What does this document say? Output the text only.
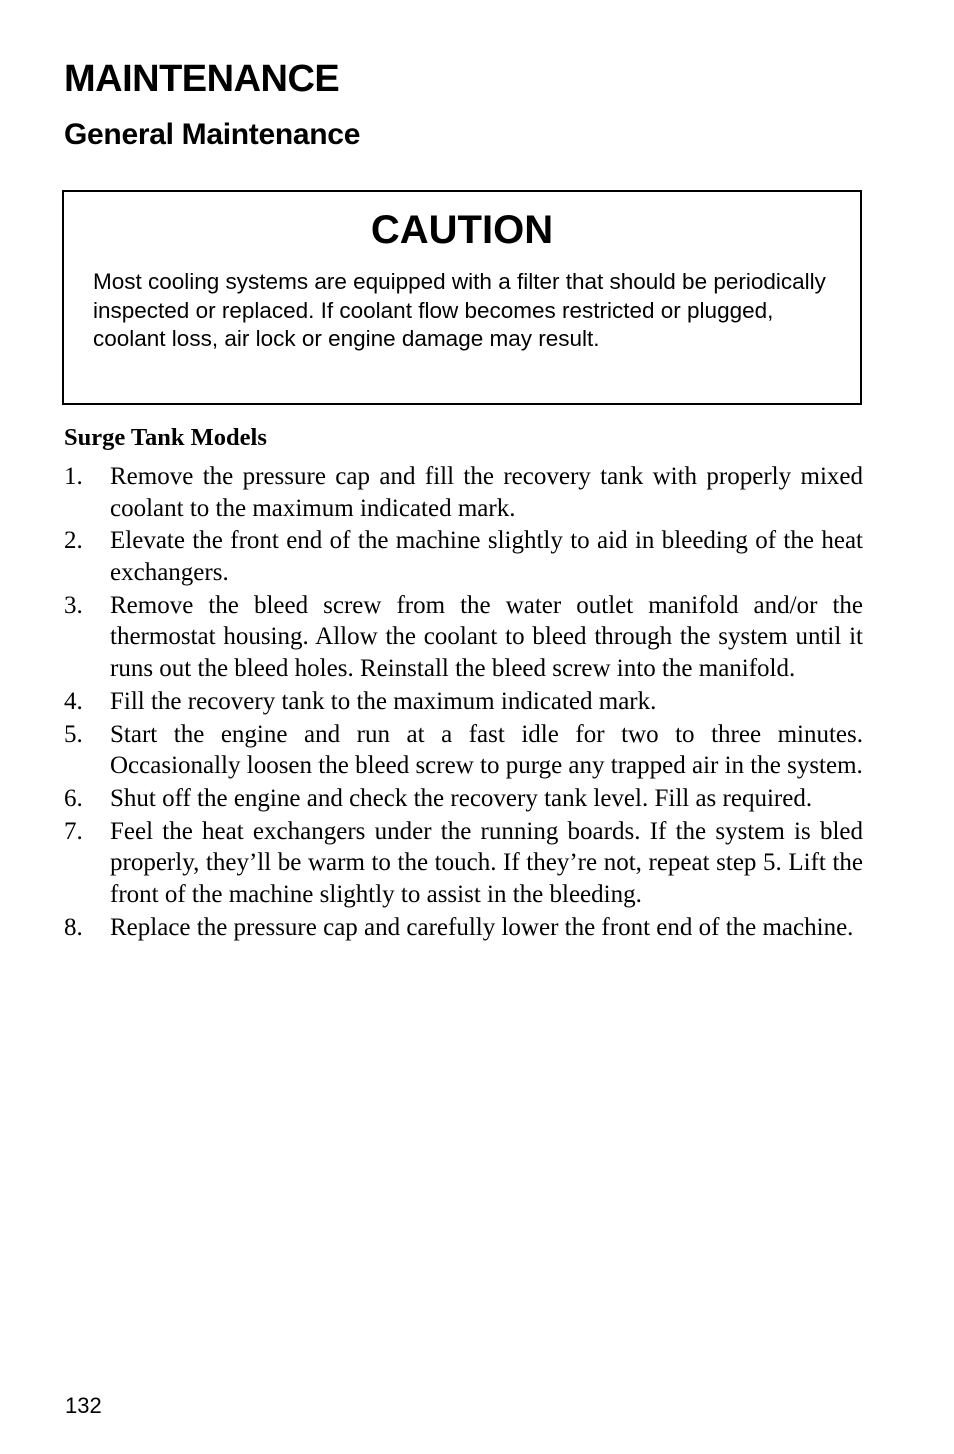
MAINTENANCE
General Maintenance
CAUTION

Most cooling systems are equipped with a filter that should be periodically inspected or replaced. If coolant flow becomes restricted or plugged, coolant loss, air lock or engine damage may result.

Surge Tank Models
1. Remove the pressure cap and fill the recovery tank with properly mixed coolant to the maximum indicated mark.
2. Elevate the front end of the machine slightly to aid in bleeding of the heat exchangers.
3. Remove the bleed screw from the water outlet manifold and/or the thermostat housing. Allow the coolant to bleed through the system until it runs out the bleed holes. Reinstall the bleed screw into the manifold.
4. Fill the recovery tank to the maximum indicated mark.
5. Start the engine and run at a fast idle for two to three minutes. Occasionally loosen the bleed screw to purge any trapped air in the system.
6. Shut off the engine and check the recovery tank level. Fill as required.
7. Feel the heat exchangers under the running boards. If the system is bled properly, they’ll be warm to the touch. If they’re not, repeat step 5. Lift the front of the machine slightly to assist in the bleeding.
8. Replace the pressure cap and carefully lower the front end of the machine.
132
